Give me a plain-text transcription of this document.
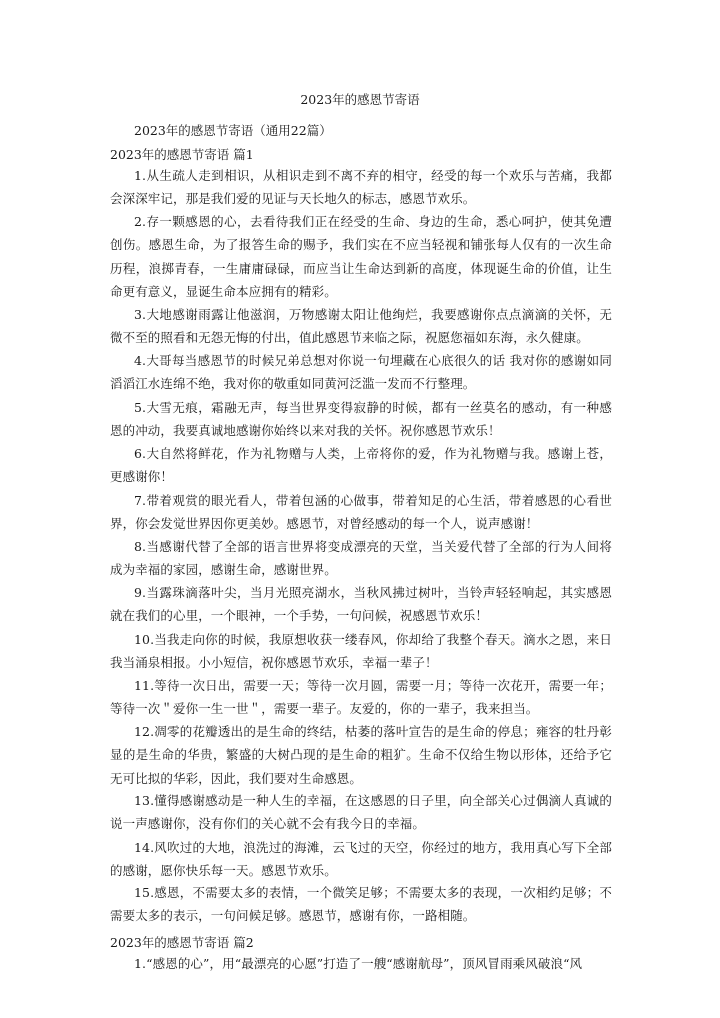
2023年的感恩节寄语
2023年的感恩节寄语（通用22篇）
2023年的感恩节寄语 篇1

1.从生疏人走到相识，从相识走到不离不弃的相守，经受的每一个欢乐与苦痛，我都会深深牢记，那是我们爱的见证与天长地久的标志，感恩节欢乐。

2.存一颗感恩的心，去看待我们正在经受的生命、身边的生命，悉心呵护，使其免遭创伤。感恩生命，为了报答生命的赐予，我们实在不应当轻视和铺张每人仅有的一次生命历程，浪掷青春，一生庸庸碌碌，而应当让生命达到新的高度，体现诞生命的价值，让生命更有意义，显诞生命本应拥有的精彩。

3.大地感谢雨露让他滋润，万物感谢太阳让他绚烂，我要感谢你点点滴滴的关怀，无微不至的照看和无怨无悔的付出，值此感恩节来临之际，祝愿您福如东海，永久健康。

4.大哥每当感恩节的时候兄弟总想对你说一句埋藏在心底很久的话 我对你的感谢如同滔滔江水连绵不绝，我对你的敬重如同黄河泛滥一发而不行整理。

5.大雪无痕，霜融无声，每当世界变得寂静的时候，都有一丝莫名的感动，有一种感恩的冲动，我要真诚地感谢你始终以来对我的关怀。祝你感恩节欢乐！

6.大自然将鲜花，作为礼物赠与人类，上帝将你的爱，作为礼物赠与我。感谢上苍，更感谢你！

7.带着观赏的眼光看人，带着包涵的心做事，带着知足的心生活，带着感恩的心看世界，你会发觉世界因你更美妙。感恩节，对曾经感动的每一个人，说声感谢！

8.当感谢代替了全部的语言世界将变成漂亮的天堂，当关爱代替了全部的行为人间将成为幸福的家园，感谢生命，感谢世界。

9.当露珠滴落叶尖，当月光照亮湖水，当秋风拂过树叶，当铃声轻轻响起，其实感恩就在我们的心里，一个眼神，一个手势，一句问候，祝感恩节欢乐！

10.当我走向你的时候，我原想收获一缕春风，你却给了我整个春天。滴水之恩，来日我当涌泉相报。小小短信，祝你感恩节欢乐，幸福一辈子！

11.等待一次日出，需要一天；等待一次月圆，需要一月；等待一次花开，需要一年；等待一次＂爱你一生一世＂，需要一辈子。友爱的，你的一辈子，我来担当。

12.凋零的花瓣透出的是生命的终结，枯萎的落叶宣告的是生命的停息；雍容的牡丹彰显的是生命的华贵，繁盛的大树凸现的是生命的粗犷。生命不仅给生物以形体，还给予它无可比拟的华彩，因此，我们要对生命感恩。

13.懂得感谢感动是一种人生的幸福，在这感恩的日子里，向全部关心过偶滴人真诚的说一声感谢你，没有你们的关心就不会有我今日的幸福。

14.风吹过的大地，浪洗过的海滩，云飞过的天空，你经过的地方，我用真心写下全部的感谢，愿你快乐每一天。感恩节欢乐。

15.感恩，不需要太多的表情，一个微笑足够；不需要太多的表现，一次相约足够；不需要太多的表示，一句问候足够。感恩节，感谢有你，一路相随。

2023年的感恩节寄语 篇2

1.“感恩的心”，用“最漂亮的心愿”打造了一艘“感谢航母”，顶风冒雨乘风破浪“风
